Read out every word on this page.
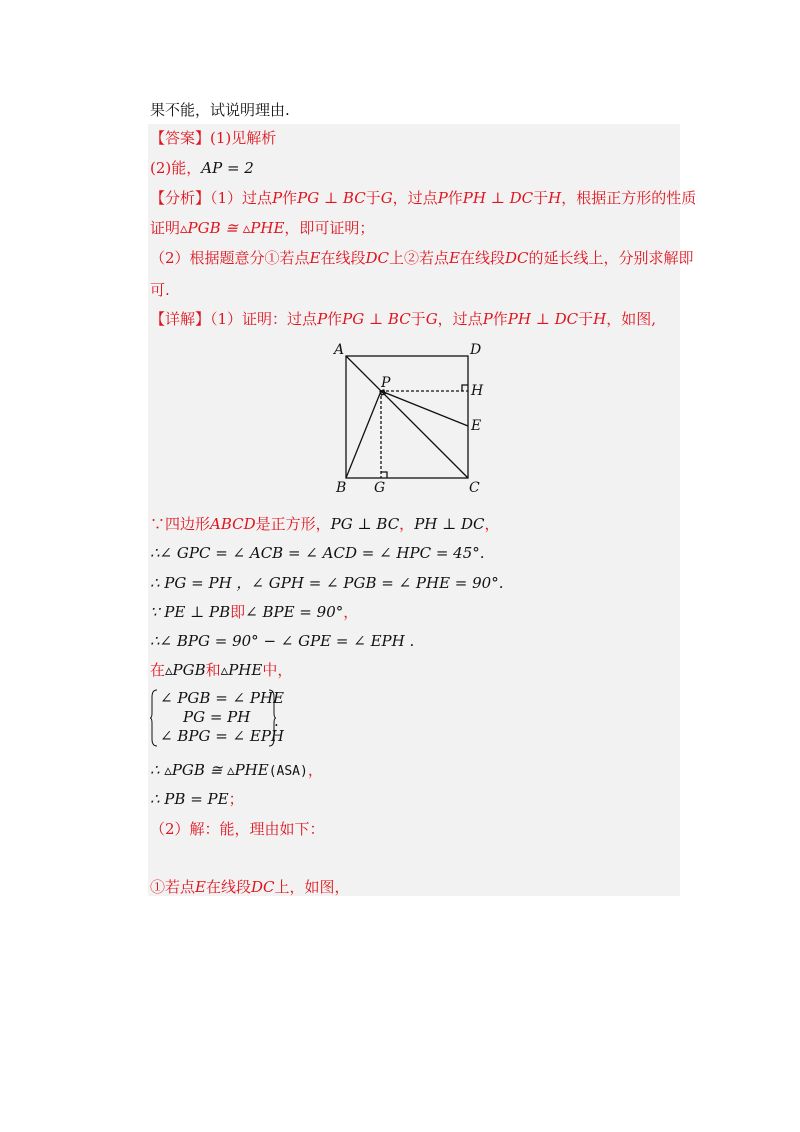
果不能，试说明理由.
【答案】(1)见解析
(2)能，AP = 2
【分析】（1）过点P作PG ⊥ BC于G，过点P作PH ⊥ DC于H，根据正方形的性质
证明▵PGB ≅ ▵PHE，即可证明；
（2）根据题意分①若点E在线段DC上②若点E在线段DC的延长线上，分别求解即
可.
【详解】（1）证明：过点P作PG ⊥ BC于G，过点P作PH ⊥ DC于H，如图,
A	D
B	C
P
G
H
E
∵四边形ABCD是正方形，PG ⊥ BC，PH ⊥ DC，
∴∠ GPC = ∠ ACB = ∠ ACD = ∠ HPC = 45°.
∴ PG = PH ，∠ GPH = ∠ PGB = ∠ PHE = 90°.
∵ PE ⊥ PB即∠ BPE = 90°，
∴∠ BPG = 90° − ∠ GPE = ∠ EPH .
在▵PGB和▵PHE中，
∠ PGB = ∠ PHE
PG = PH
∠ BPG = ∠ EPH
.
∴ ▵PGB ≅ ▵PHE(ASA)，
∴ PB = PE；
（2）解：能，理由如下：
①若点E在线段DC上，如图，
